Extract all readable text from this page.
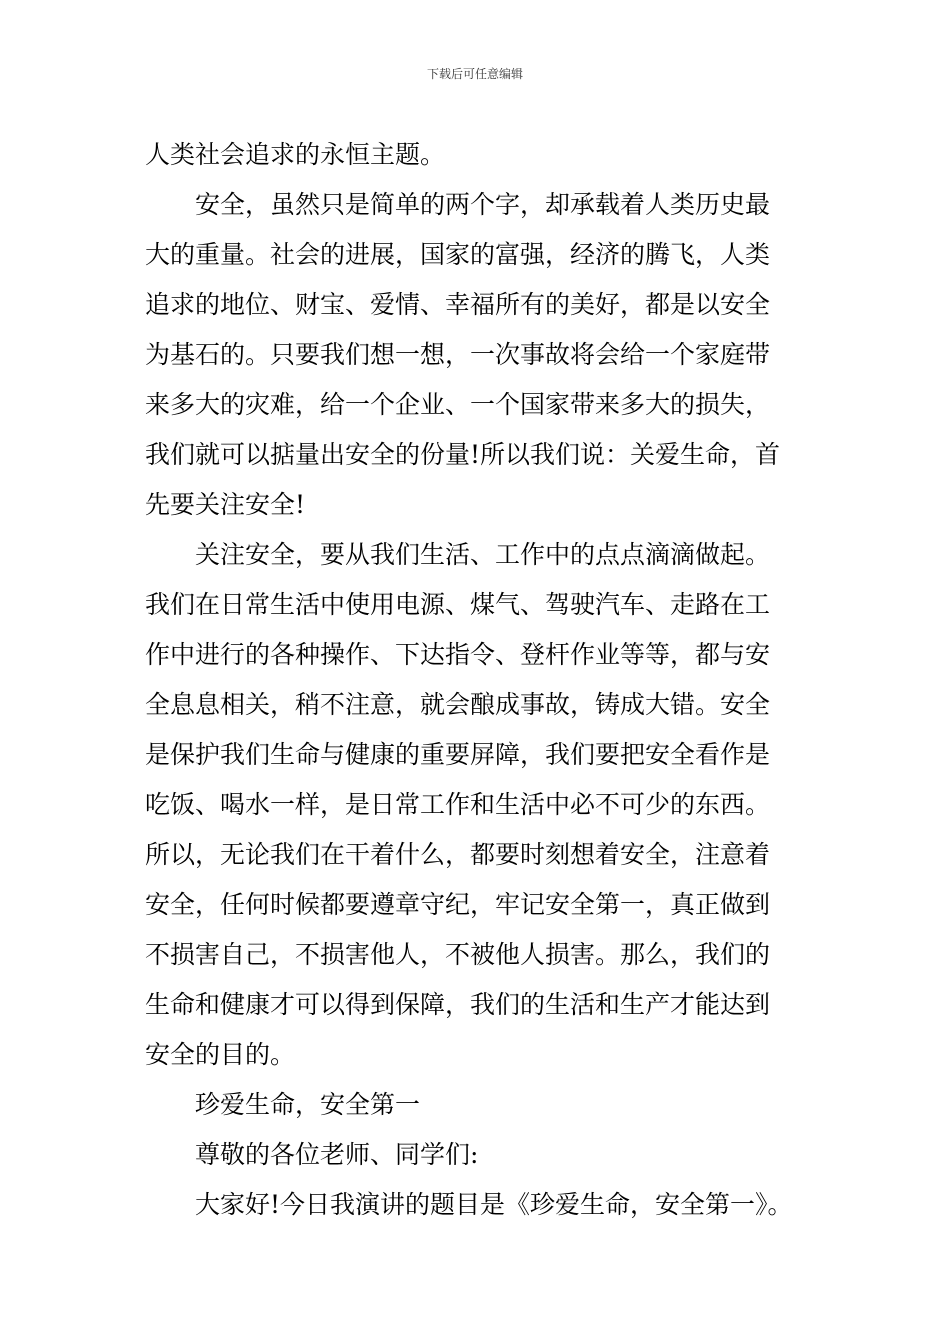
下载后可任意编辑
人类社会追求的永恒主题。
安全，虽然只是简单的两个字，却承载着人类历史最
大的重量。社会的进展，国家的富强，经济的腾飞，人类
追求的地位、财宝、爱情、幸福所有的美好，都是以安全
为基石的。只要我们想一想，一次事故将会给一个家庭带
来多大的灾难，给一个企业、一个国家带来多大的损失，
我们就可以掂量出安全的份量!所以我们说：关爱生命，首
先要关注安全!
关注安全，要从我们生活、工作中的点点滴滴做起。
我们在日常生活中使用电源、煤气、驾驶汽车、走路在工
作中进行的各种操作、下达指令、登杆作业等等，都与安
全息息相关，稍不注意，就会酿成事故，铸成大错。安全
是保护我们生命与健康的重要屏障，我们要把安全看作是
吃饭、喝水一样，是日常工作和生活中必不可少的东西。
所以，无论我们在干着什么，都要时刻想着安全，注意着
安全，任何时候都要遵章守纪，牢记安全第一，真正做到
不损害自己，不损害他人，不被他人损害。那么，我们的
生命和健康才可以得到保障，我们的生活和生产才能达到
安全的目的。
珍爱生命，安全第一
尊敬的各位老师、同学们:
大家好!今日我演讲的题目是《珍爱生命，安全第一》。
